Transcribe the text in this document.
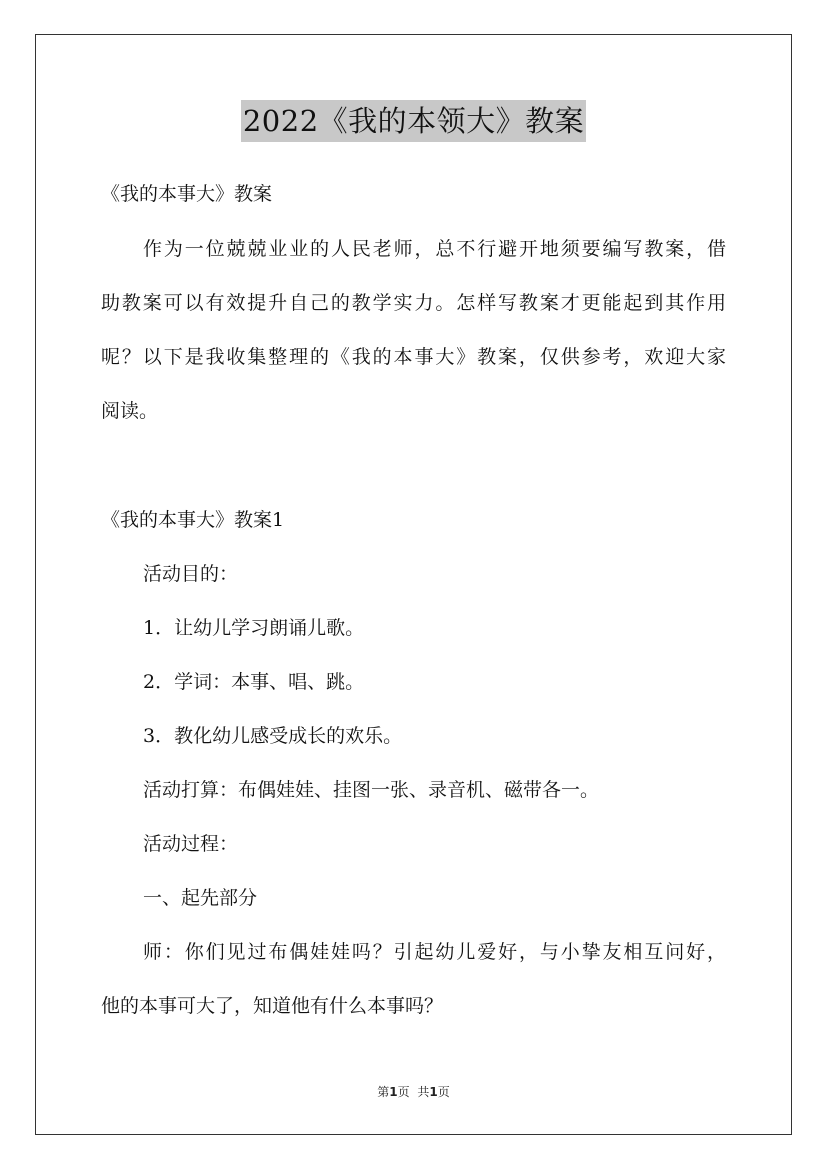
2022《我的本领大》教案
《我的本事大》教案
作为一位兢兢业业的人民老师，总不行避开地须要编写教案，借
助教案可以有效提升自己的教学实力。怎样写教案才更能起到其作用
呢？以下是我收集整理的《我的本事大》教案，仅供参考，欢迎大家
阅读。
《我的本事大》教案1
活动目的：
1．让幼儿学习朗诵儿歌。
2．学词：本事、唱、跳。
3．教化幼儿感受成长的欢乐。
活动打算：布偶娃娃、挂图一张、录音机、磁带各一。
活动过程：
一、起先部分
师：你们见过布偶娃娃吗？引起幼儿爱好，与小挚友相互问好，
他的本事可大了，知道他有什么本事吗？
第1页 共1页
